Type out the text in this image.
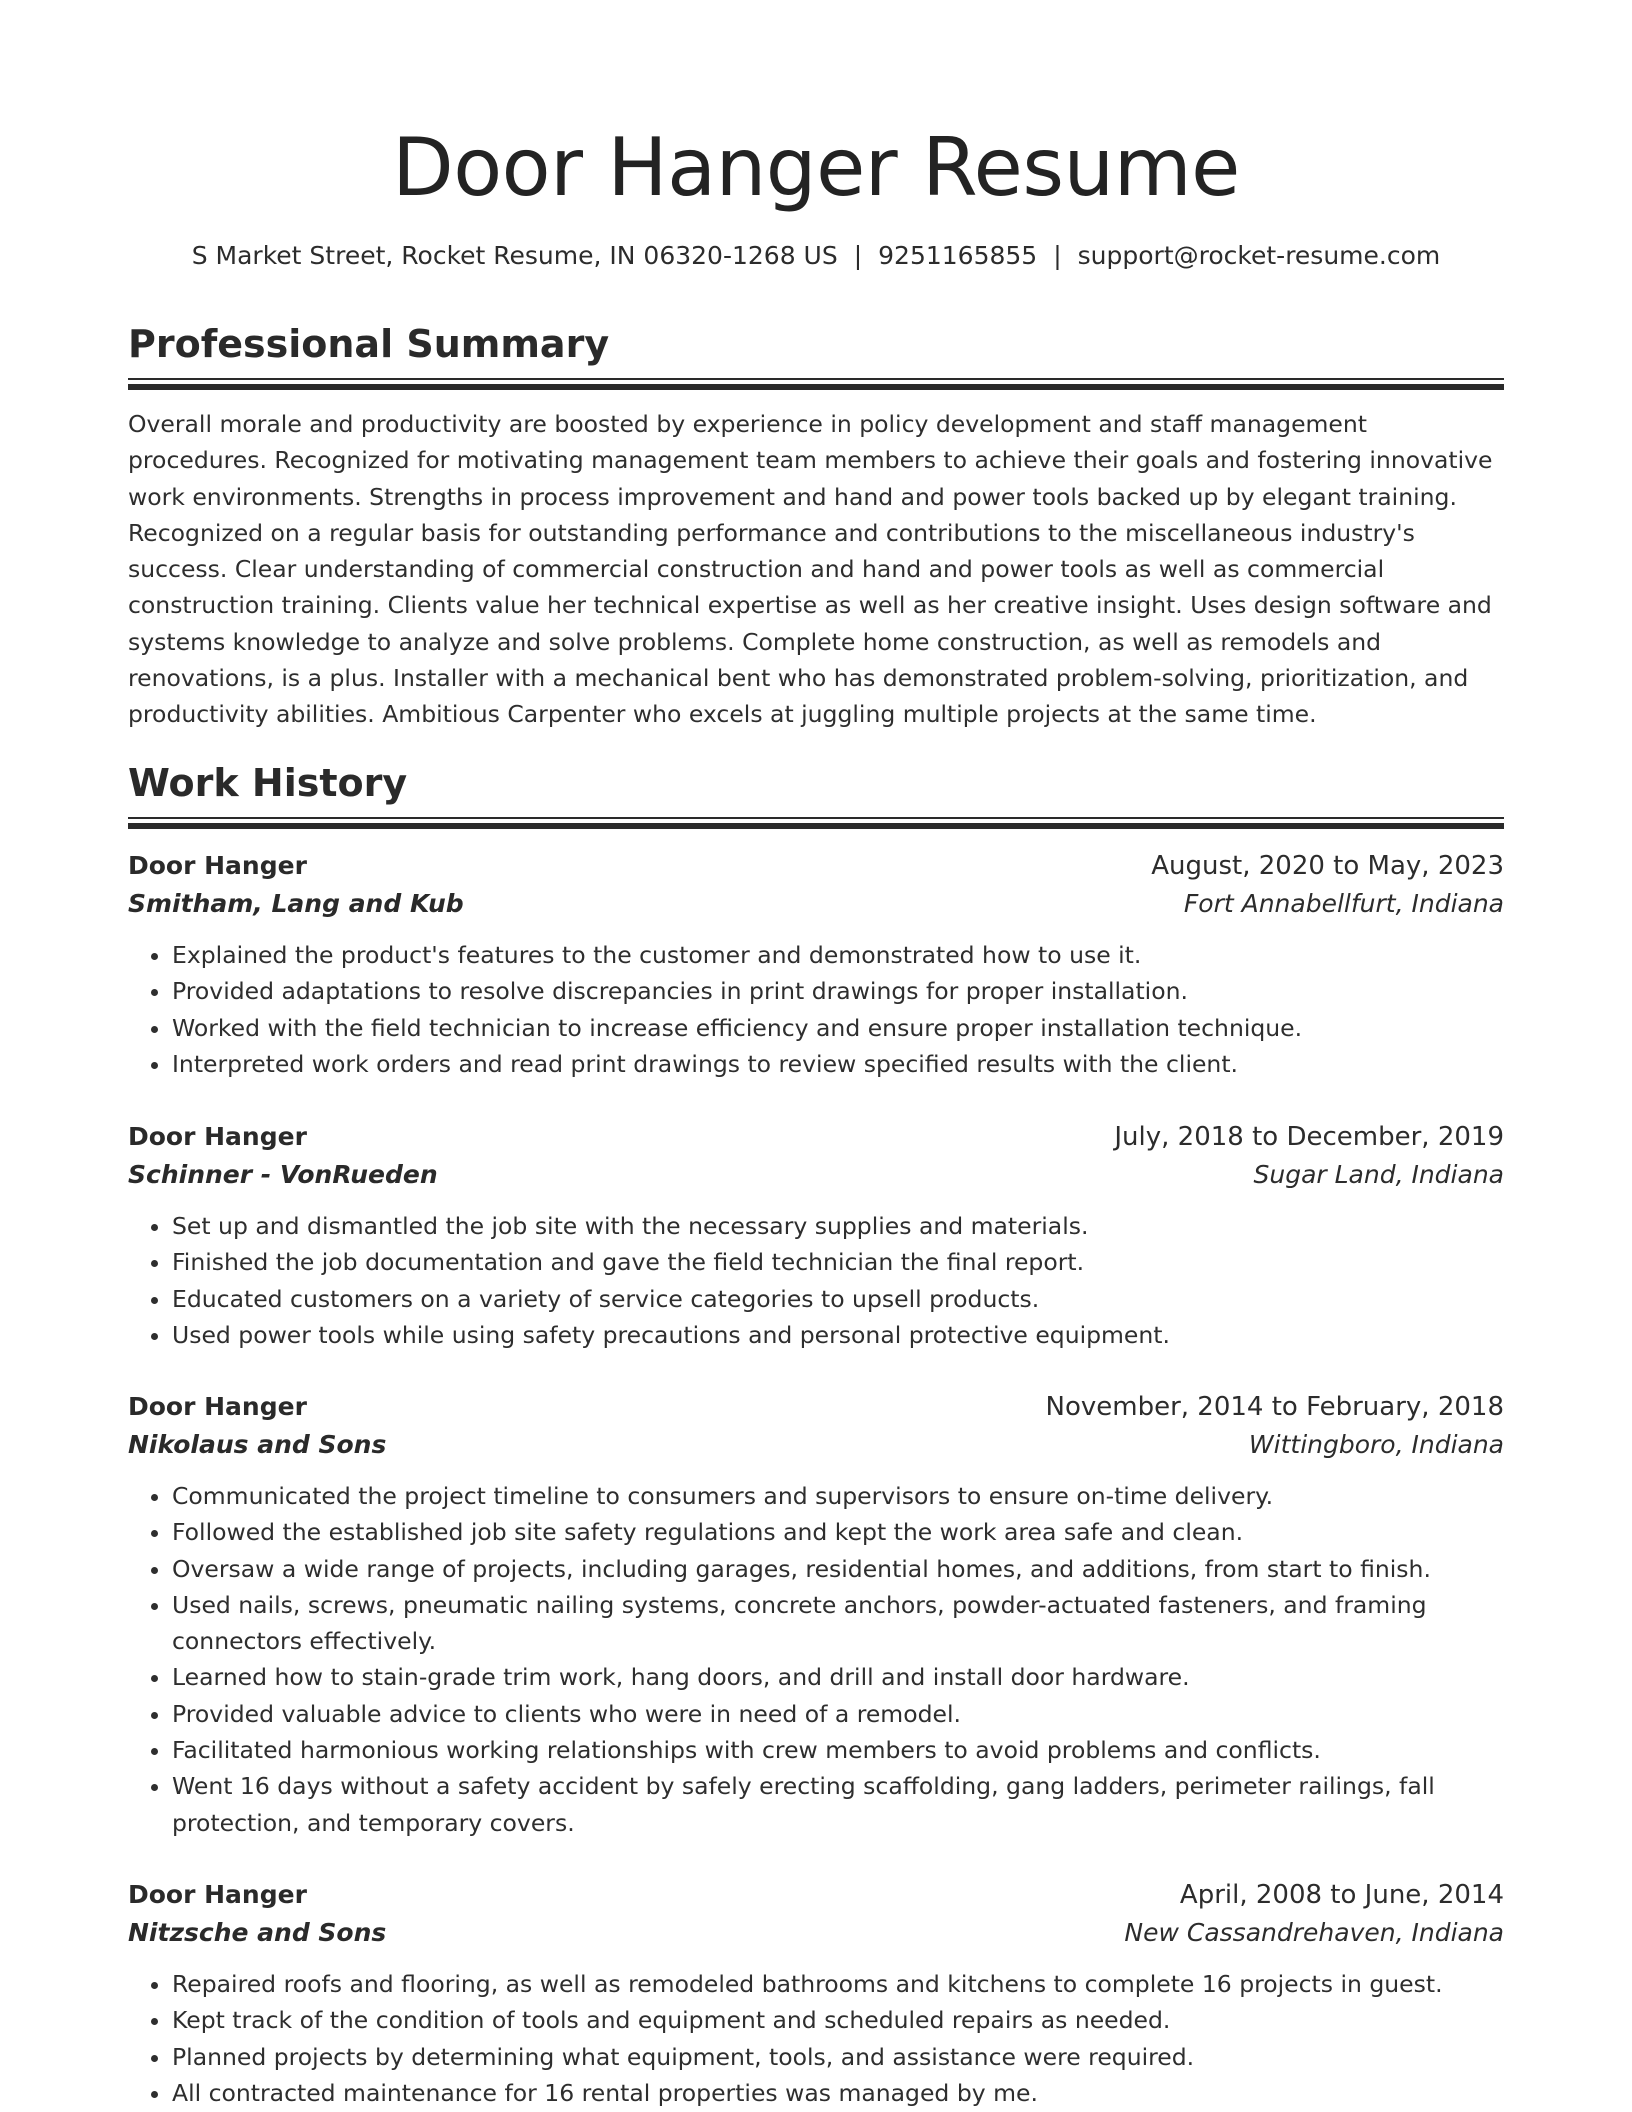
Door Hanger Resume
S Market Street, Rocket Resume, IN 06320-1268 US | 9251165855 | support@rocket-resume.com
Professional Summary

Overall morale and productivity are boosted by experience in policy development and staff management procedures. Recognized for motivating management team members to achieve their goals and fostering innovative work environments. Strengths in process improvement and hand and power tools backed up by elegant training. Recognized on a regular basis for outstanding performance and contributions to the miscellaneous industry's success. Clear understanding of commercial construction and hand and power tools as well as commercial construction training. Clients value her technical expertise as well as her creative insight. Uses design software and systems knowledge to analyze and solve problems. Complete home construction, as well as remodels and renovations, is a plus. Installer with a mechanical bent who has demonstrated problem-solving, prioritization, and productivity abilities. Ambitious Carpenter who excels at juggling multiple projects at the same time.

Work History
Door Hanger	August, 2020 to May, 2023
Smitham, Lang and Kub	Fort Annabellfurt, Indiana
• Explained the product's features to the customer and demonstrated how to use it.
• Provided adaptations to resolve discrepancies in print drawings for proper installation.
• Worked with the field technician to increase efficiency and ensure proper installation technique.
• Interpreted work orders and read print drawings to review specified results with the client.
Door Hanger	July, 2018 to December, 2019
Schinner - VonRueden	Sugar Land, Indiana
• Set up and dismantled the job site with the necessary supplies and materials.
• Finished the job documentation and gave the field technician the final report.
• Educated customers on a variety of service categories to upsell products.
• Used power tools while using safety precautions and personal protective equipment.
Door Hanger	November, 2014 to February, 2018
Nikolaus and Sons	Wittingboro, Indiana
• Communicated the project timeline to consumers and supervisors to ensure on-time delivery.
• Followed the established job site safety regulations and kept the work area safe and clean.
• Oversaw a wide range of projects, including garages, residential homes, and additions, from start to finish.
• Used nails, screws, pneumatic nailing systems, concrete anchors, powder-actuated fasteners, and framing connectors effectively.
• Learned how to stain-grade trim work, hang doors, and drill and install door hardware.
• Provided valuable advice to clients who were in need of a remodel.
• Facilitated harmonious working relationships with crew members to avoid problems and conflicts.
• Went 16 days without a safety accident by safely erecting scaffolding, gang ladders, perimeter railings, fall protection, and temporary covers.
Door Hanger	April, 2008 to June, 2014
Nitzsche and Sons	New Cassandrehaven, Indiana
• Repaired roofs and flooring, as well as remodeled bathrooms and kitchens to complete 16 projects in guest.
• Kept track of the condition of tools and equipment and scheduled repairs as needed.
• Planned projects by determining what equipment, tools, and assistance were required.
• All contracted maintenance for 16 rental properties was managed by me.
